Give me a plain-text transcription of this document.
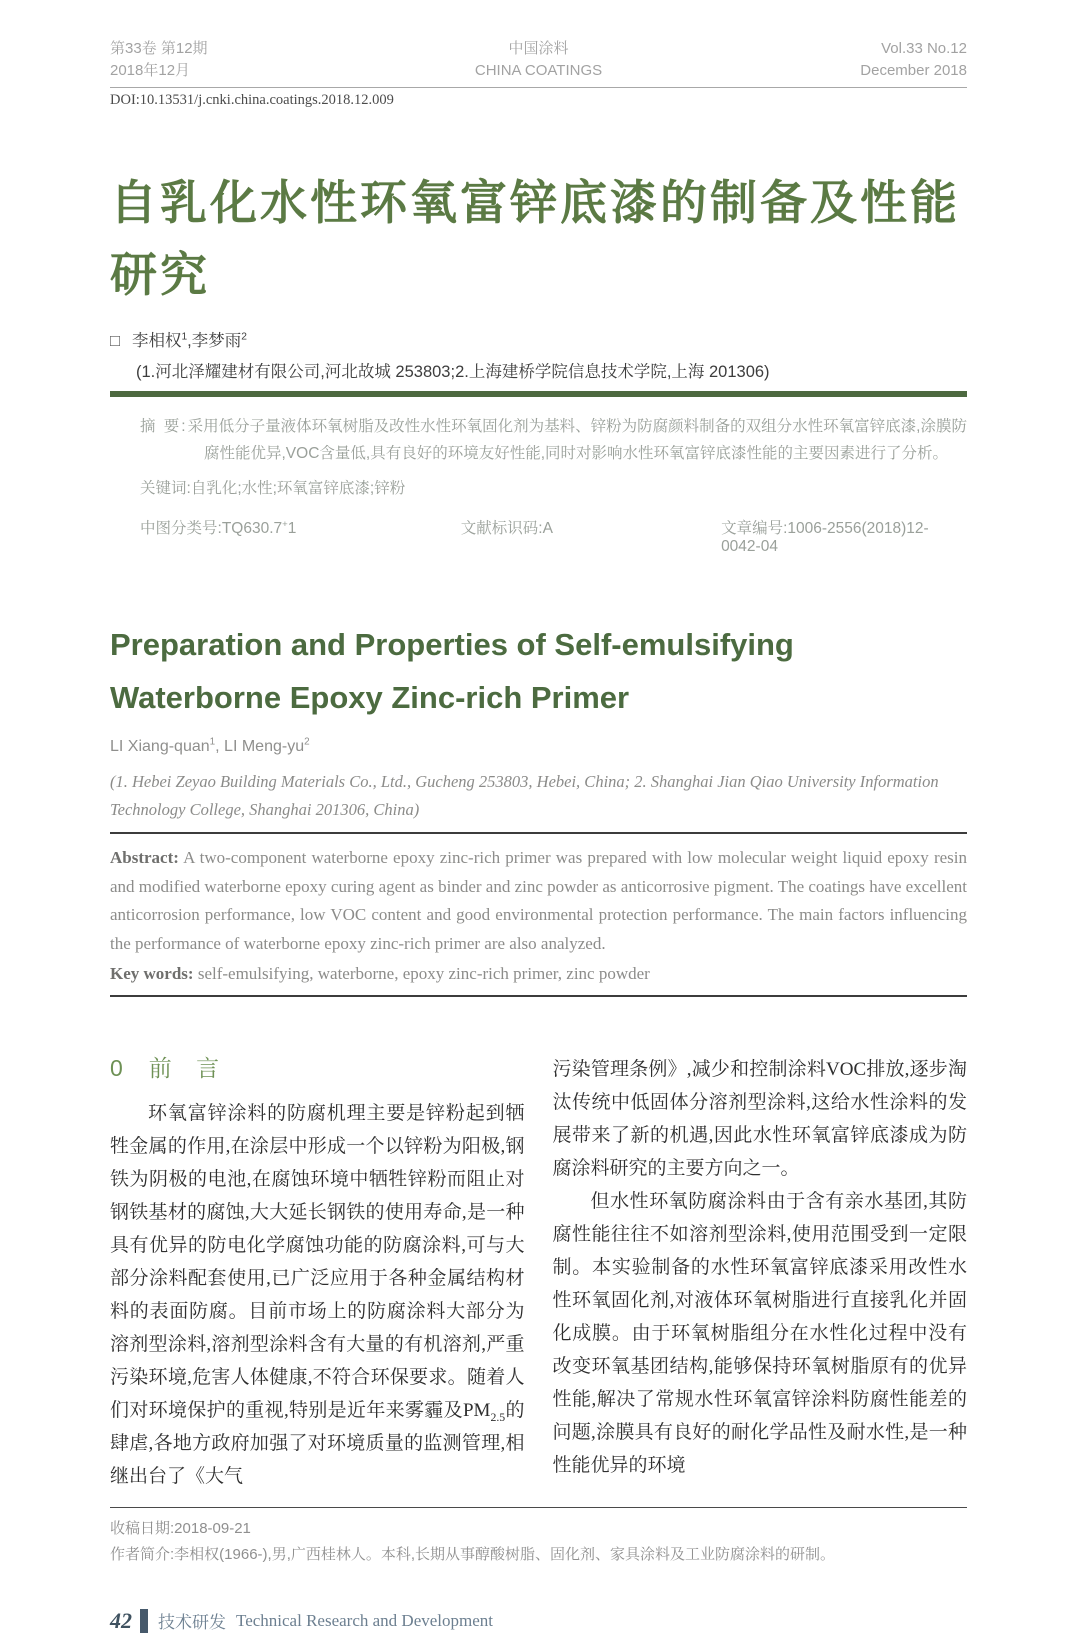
第33卷 第12期
2018年12月
中国涂料
CHINA COATINGS
Vol.33 No.12
December 2018
DOI:10.13531/j.cnki.china.coatings.2018.12.009
自乳化水性环氧富锌底漆的制备及性能研究
□ 李相权$^1$,李梦雨$^2$
(1.河北泽耀建材有限公司,河北故城 253803;2.上海建桥学院信息技术学院,上海 201306)

摘 要:采用低分子量液体环氧树脂及改性水性环氧固化剂为基料、锌粉为防腐颜料制备的双组分水性环氧富锌底漆,涂膜防腐性能优异,VOC含量低,具有良好的环境友好性能,同时对影响水性环氧富锌底漆性能的主要因素进行了分析。

关键词:自乳化;水性;环氧富锌底漆;锌粉

中图分类号:TQ630.7+1	文献标识码:A	文章编号:1006-2556(2018)12-0042-04
Preparation and Properties of Self-emulsifying Waterborne Epoxy Zinc-rich Primer
LI Xiang-quan$^1$, LI Meng-$yu^2$
(1. Hebei Zeyao Building Materials Co., Ltd., Gucheng 253803, Hebei, China; 2. Shanghai Jian Qiao University Information Technology College, Shanghai 201306, China)

Abstract: A two-component waterborne epoxy zinc-rich primer was prepared with low molecular weight liquid epoxy resin and modified waterborne epoxy curing agent as binder and zinc powder as anticorrosive pigment. The coatings have excellent anticorrosion performance, low VOC content and good environmental protection performance. The main factors influencing the performance of waterborne epoxy zinc-rich primer are also analyzed.

Key words: self-emulsifying, waterborne, epoxy zinc-rich primer, zinc powder

0 前 言

环氧富锌涂料的防腐机理主要是锌粉起到牺牲金属的作用,在涂层中形成一个以锌粉为阳极,钢铁为阴极的电池,在腐蚀环境中牺牲锌粉而阻止对钢铁基材的腐蚀,大大延长钢铁的使用寿命,是一种具有优异的防电化学腐蚀功能的防腐涂料,可与大部分涂料配套使用,已广泛应用于各种金属结构材料的表面防腐。目前市场上的防腐涂料大部分为溶剂型涂料,溶剂型涂料含有大量的有机溶剂,严重污染环境,危害人体健康,不符合环保要求。随着人们对环境保护的重视,特别是近年来雾霾及$PM_{2.5}$的肆虐,各地方政府加强了对环境质量的监测管理,相继出台了《大气

污染管理条例》,减少和控制涂料VOC排放,逐步淘汰传统中低固体分溶剂型涂料,这给水性涂料的发展带来了新的机遇,因此水性环氧富锌底漆成为防腐涂料研究的主要方向之一。

但水性环氧防腐涂料由于含有亲水基团,其防腐性能往往不如溶剂型涂料,使用范围受到一定限制。本实验制备的水性环氧富锌底漆采用改性水性环氧固化剂,对液体环氧树脂进行直接乳化并固化成膜。由于环氧树脂组分在水性化过程中没有改变环氧基团结构,能够保持环氧树脂原有的优异性能,解决了常规水性环氧富锌涂料防腐性能差的问题,涂膜具有良好的耐化学品性及耐水性,是一种性能优异的环境

收稿日期:2018-09-21
作者简介:李相权(1966-),男,广西桂林人。本科,长期从事醇酸树脂、固化剂、家具涂料及工业防腐涂料的研制。
42 技术研发 Technical Research and Development
